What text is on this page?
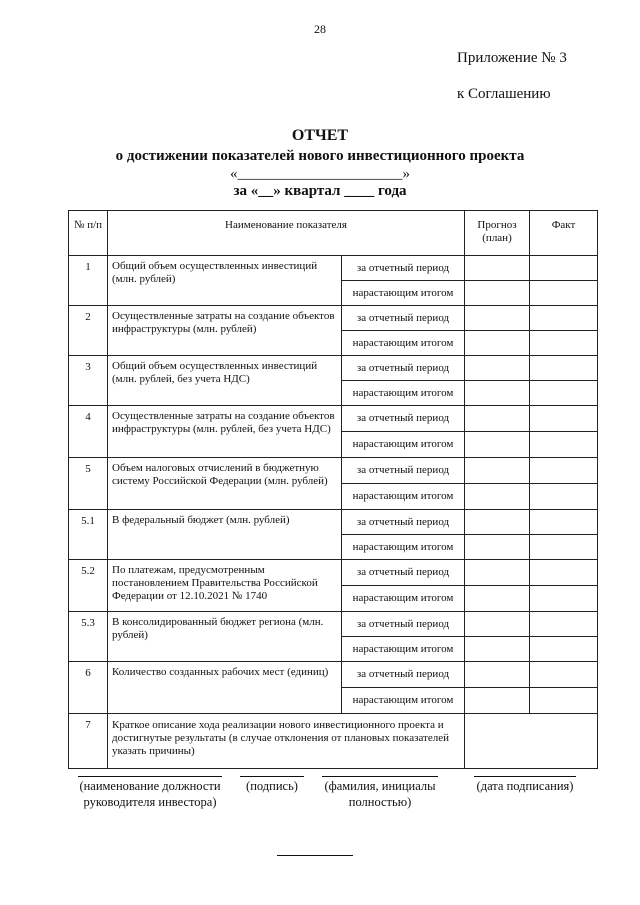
28
Приложение № 3
к Соглашению
ОТЧЕТ
о достижении показателей нового инвестиционного проекта
«______________________»
за «__» квартал ____ года
№ п/п	Наименование показателя		Прогноз (план)	Факт
1	Общий объем осуществленных инвестиций (млн. рублей)	за отчетный период		
		нарастающим итогом		
2	Осуществленные затраты на создание объектов инфраструктуры (млн. рублей)	за отчетный период		
		нарастающим итогом		
3	Общий объем осуществленных инвестиций (млн. рублей, без учета НДС)	за отчетный период		
		нарастающим итогом		
4	Осуществленные затраты на создание объектов инфраструктуры (млн. рублей, без учета НДС)	за отчетный период		
		нарастающим итогом		
5	Объем налоговых отчислений в бюджетную систему Российской Федерации (млн. рублей)	за отчетный период		
		нарастающим итогом		
5.1	В федеральный бюджет (млн. рублей)	за отчетный период		
		нарастающим итогом		
5.2	По платежам, предусмотренным постановлением Правительства Российской Федерации от 12.10.2021 № 1740	за отчетный период		
		нарастающим итогом		
5.3	В консолидированный бюджет региона (млн. рублей)	за отчетный период		
		нарастающим итогом		
6	Количество созданных рабочих мест (единиц)	за отчетный период		
		нарастающим итогом		
7	Краткое описание хода реализации нового инвестиционного проекта и достигнутые результаты (в случае отклонения от плановых показателей указать причины)			
(наименование должности руководителя инвестора)
(подпись)	(фамилия, инициалы полностью)
(дата подписания)
